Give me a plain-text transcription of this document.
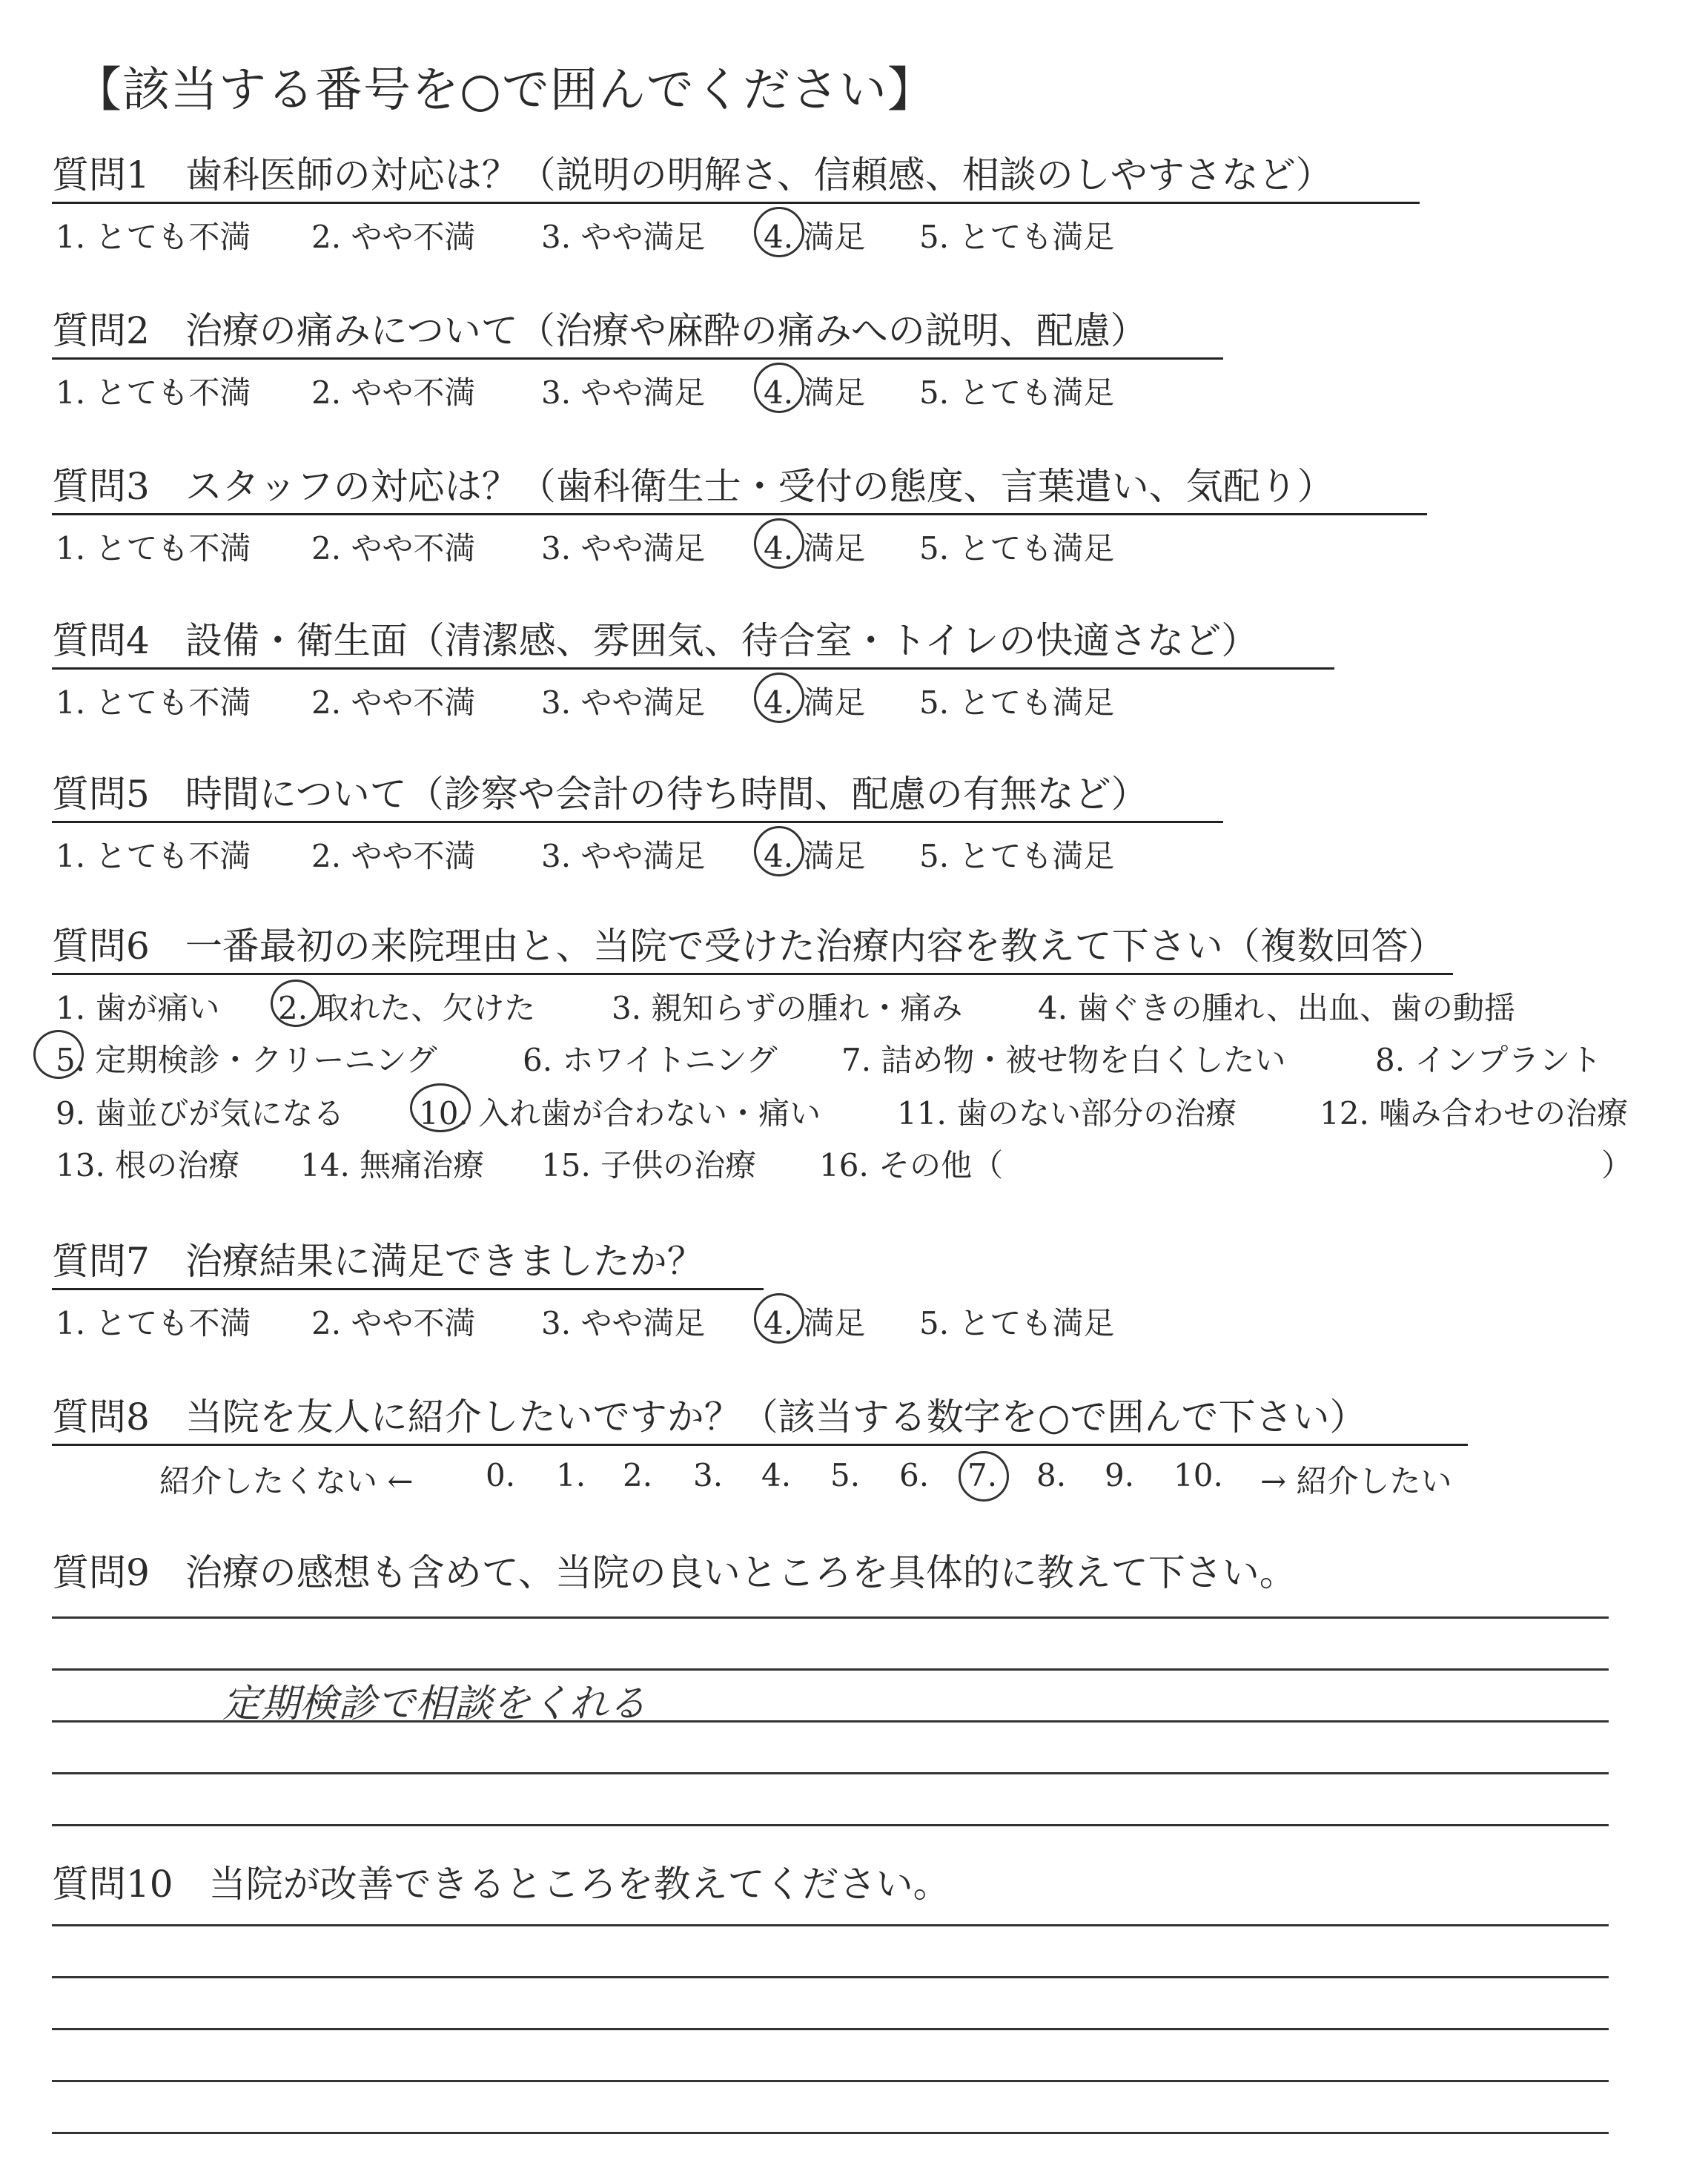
【該当する番号を○で囲んでください】
質問1 歯科医師の対応は？（説明の明解さ、信頼感、相談のしやすさなど）
1. とても不満 2. やや不満 3. やや満足 4. 満足 5. とても満足
質問2 治療の痛みについて（治療や麻酔の痛みへの説明、配慮）
1. とても不満 2. やや不満 3. やや満足 4. 満足 5. とても満足
質問3 スタッフの対応は？（歯科衛生士・受付の態度、言葉遣い、気配り）
1. とても不満 2. やや不満 3. やや満足 4. 満足 5. とても満足
質問4 設備・衛生面（清潔感、雰囲気、待合室・トイレの快適さなど）
1. とても不満 2. やや不満 3. やや満足 4. 満足 5. とても満足
質問5 時間について（診察や会計の待ち時間、配慮の有無など）
1. とても不満 2. やや不満 3. やや満足 4. 満足 5. とても満足
質問6 一番最初の来院理由と、当院で受けた治療内容を教えて下さい（複数回答）
1. 歯が痛い 2. 取れた、欠けた 3. 親知らずの腫れ・痛み 4. 歯ぐきの腫れ、出血、歯の動揺
5. 定期検診・クリーニング	6. ホワイトニング 7. 詰め物・被せ物を白くしたい	8. インプラント
9. 歯並びが気になる 10. 入れ歯が合わない・痛い 11. 歯のない部分の治療	12. 噛み合わせの治療
13. 根の治療 14. 無痛治療 15. 子供の治療 16. その他（	）
質問7 治療結果に満足できましたか？
1. とても不満 2. やや不満 3. やや満足 4. 満足 5. とても満足
質問8 当院を友人に紹介したいですか？（該当する数字を○で囲んで下さい）
紹介したくない ← 0. 1. 2. 3. 4. 5. 6. 7. 8. 9. 10. → 紹介したい
質問9 治療の感想も含めて、当院の良いところを具体的に教えて下さい。
定期検診で相談をくれる
質問10 当院が改善できるところを教えてください。
